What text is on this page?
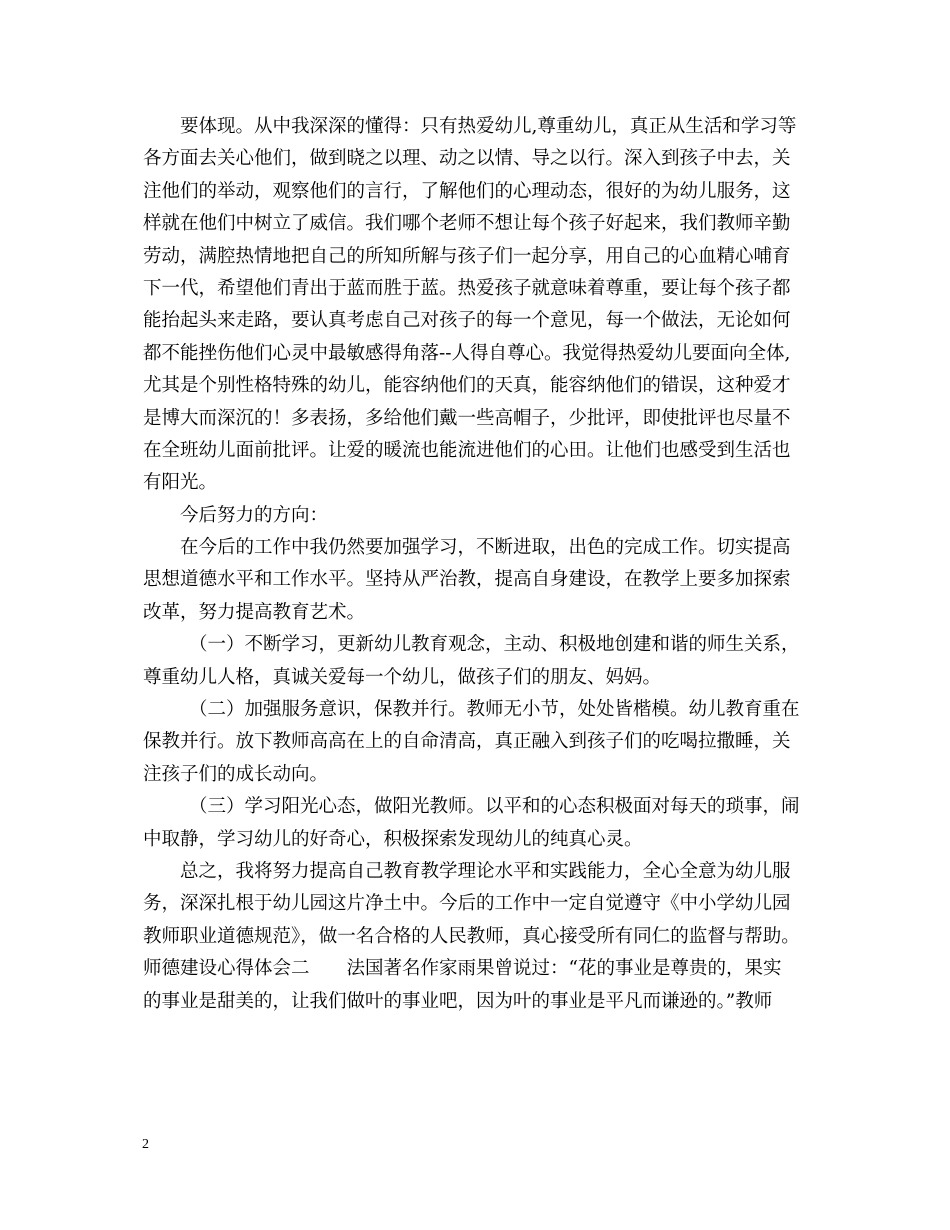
要体现。从中我深深的懂得：只有热爱幼儿,尊重幼儿，真正从生活和学习等
各方面去关心他们，做到晓之以理、动之以情、导之以行。深入到孩子中去，关
注他们的举动，观察他们的言行，了解他们的心理动态，很好的为幼儿服务，这
样就在他们中树立了威信。我们哪个老师不想让每个孩子好起来，我们教师辛勤
劳动，满腔热情地把自己的所知所解与孩子们一起分享，用自己的心血精心哺育
下一代，希望他们青出于蓝而胜于蓝。热爱孩子就意味着尊重，要让每个孩子都
能抬起头来走路，要认真考虑自己对孩子的每一个意见，每一个做法，无论如何
都不能挫伤他们心灵中最敏感得角落--人得自尊心。我觉得热爱幼儿要面向全体,
尤其是个别性格特殊的幼儿，能容纳他们的天真，能容纳他们的错误，这种爱才
是博大而深沉的！多表扬，多给他们戴一些高帽子，少批评，即使批评也尽量不
在全班幼儿面前批评。让爱的暖流也能流进他们的心田。让他们也感受到生活也
有阳光。
今后努力的方向：
在今后的工作中我仍然要加强学习，不断进取，出色的完成工作。切实提高
思想道德水平和工作水平。坚持从严治教，提高自身建设，在教学上要多加探索
改革，努力提高教育艺术。
（一）不断学习，更新幼儿教育观念，主动、积极地创建和谐的师生关系，
尊重幼儿人格，真诚关爱每一个幼儿，做孩子们的朋友、妈妈。
（二）加强服务意识，保教并行。教师无小节，处处皆楷模。幼儿教育重在
保教并行。放下教师高高在上的自命清高，真正融入到孩子们的吃喝拉撒睡，关
注孩子们的成长动向。
（三）学习阳光心态，做阳光教师。以平和的心态积极面对每天的琐事，闹
中取静，学习幼儿的好奇心，积极探索发现幼儿的纯真心灵。
总之，我将努力提高自己教育教学理论水平和实践能力，全心全意为幼儿服
务，深深扎根于幼儿园这片净土中。今后的工作中一定自觉遵守《中小学幼儿园
教师职业道德规范》，做一名合格的人民教师，真心接受所有同仁的监督与帮助。
师德建设心得体会二　　法国著名作家雨果曾说过：“花的事业是尊贵的，果实
的事业是甜美的，让我们做叶的事业吧，因为叶的事业是平凡而谦逊的。”教师
2
